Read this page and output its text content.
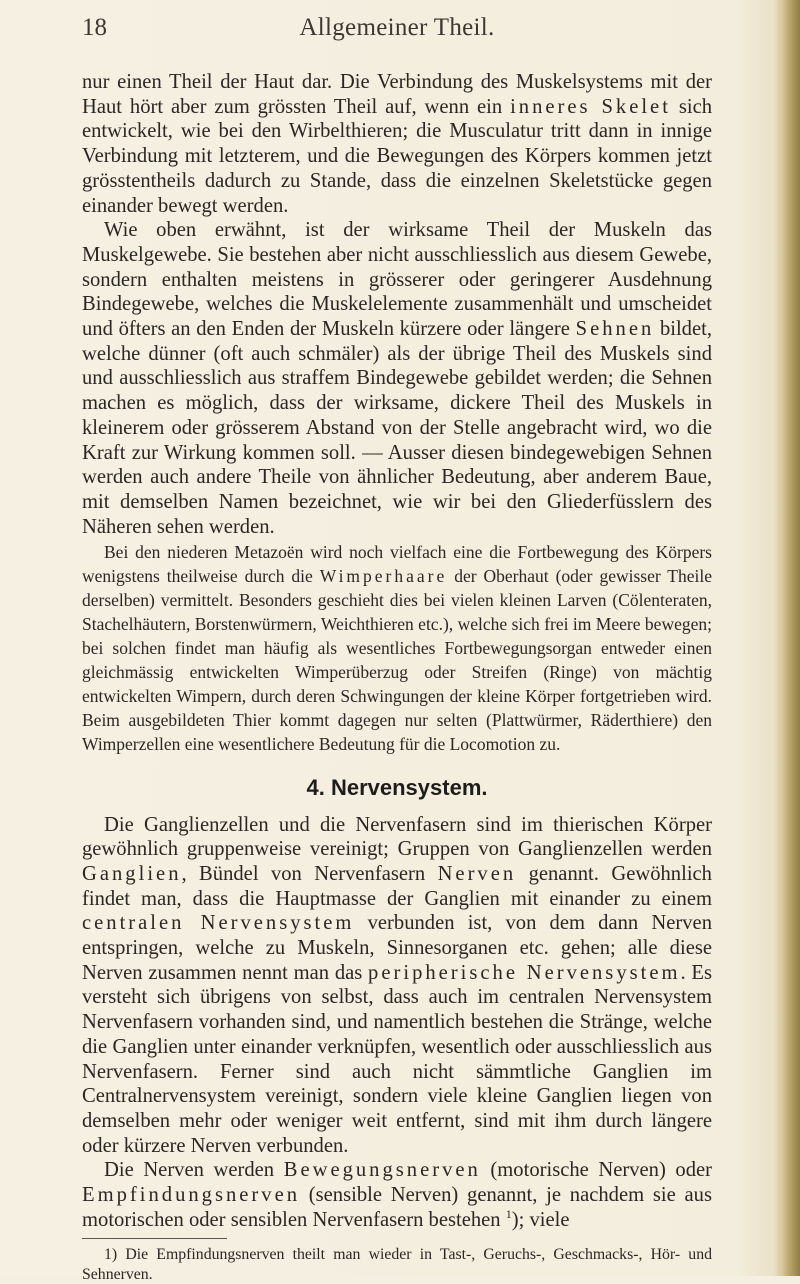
18	Allgemeiner Theil.

nur einen Theil der Haut dar. Die Verbindung des Muskelsystems mit der Haut hört aber zum grössten Theil auf, wenn ein inneres Skelet sich entwickelt, wie bei den Wirbelthieren; die Musculatur tritt dann in innige Verbindung mit letzterem, und die Bewegungen des Körpers kommen jetzt grösstentheils dadurch zu Stande, dass die einzelnen Skeletstücke gegen einander bewegt werden.

Wie oben erwähnt, ist der wirksame Theil der Muskeln das Muskelgewebe. Sie bestehen aber nicht ausschliesslich aus diesem Gewebe, sondern enthalten meistens in grösserer oder geringerer Ausdehnung Bindegewebe, welches die Muskelelemente zusammenhält und umscheidet und öfters an den Enden der Muskeln kürzere oder längere Sehnen bildet, welche dünner (oft auch schmäler) als der übrige Theil des Muskels sind und ausschliesslich aus straffem Bindegewebe gebildet werden; die Sehnen machen es möglich, dass der wirksame, dickere Theil des Muskels in kleinerem oder grösserem Abstand von der Stelle angebracht wird, wo die Kraft zur Wirkung kommen soll. — Ausser diesen bindegewebigen Sehnen werden auch andere Theile von ähnlicher Bedeutung, aber anderem Baue, mit demselben Namen bezeichnet, wie wir bei den Gliederfüsslern des Näheren sehen werden.

Bei den niederen Metazoën wird noch vielfach eine die Fortbewegung des Körpers wenigstens theilweise durch die Wimperhaare der Oberhaut (oder gewisser Theile derselben) vermittelt. Besonders geschieht dies bei vielen kleinen Larven (Cölenteraten, Stachelhäutern, Borstenwürmern, Weichthieren etc.), welche sich frei im Meere bewegen; bei solchen findet man häufig als wesentliches Fortbewegungsorgan entweder einen gleichmässig entwickelten Wimperüberzug oder Streifen (Ringe) von mächtig entwickelten Wimpern, durch deren Schwingungen der kleine Körper fortgetrieben wird. Beim ausgebildeten Thier kommt dagegen nur selten (Plattwürmer, Räderthiere) den Wimperzellen eine wesentlichere Bedeutung für die Locomotion zu.

4. Nervensystem.

Die Ganglienzellen und die Nervenfasern sind im thierischen Körper gewöhnlich gruppenweise vereinigt; Gruppen von Ganglienzellen werden Ganglien, Bündel von Nervenfasern Nerven genannt. Gewöhnlich findet man, dass die Hauptmasse der Ganglien mit einander zu einem centralen Nervensystem verbunden ist, von dem dann Nerven entspringen, welche zu Muskeln, Sinnesorganen etc. gehen; alle diese Nerven zusammen nennt man das peripherische Nervensystem. Es versteht sich übrigens von selbst, dass auch im centralen Nervensystem Nervenfasern vorhanden sind, und namentlich bestehen die Stränge, welche die Ganglien unter einander verknüpfen, wesentlich oder ausschliesslich aus Nervenfasern. Ferner sind auch nicht sämmtliche Ganglien im Centralnervensystem vereinigt, sondern viele kleine Ganglien liegen von demselben mehr oder weniger weit entfernt, sind mit ihm durch längere oder kürzere Nerven verbunden.

Die Nerven werden Bewegungsnerven (motorische Nerven) oder Empfindungsnerven (sensible Nerven) genannt, je nachdem sie aus motorischen oder sensiblen Nervenfasern bestehen $^1$); viele

1) Die Empfindungsnerven theilt man wieder in Tast-, Geruchs-, Geschmacks-, Hör- und Sehnerven.
